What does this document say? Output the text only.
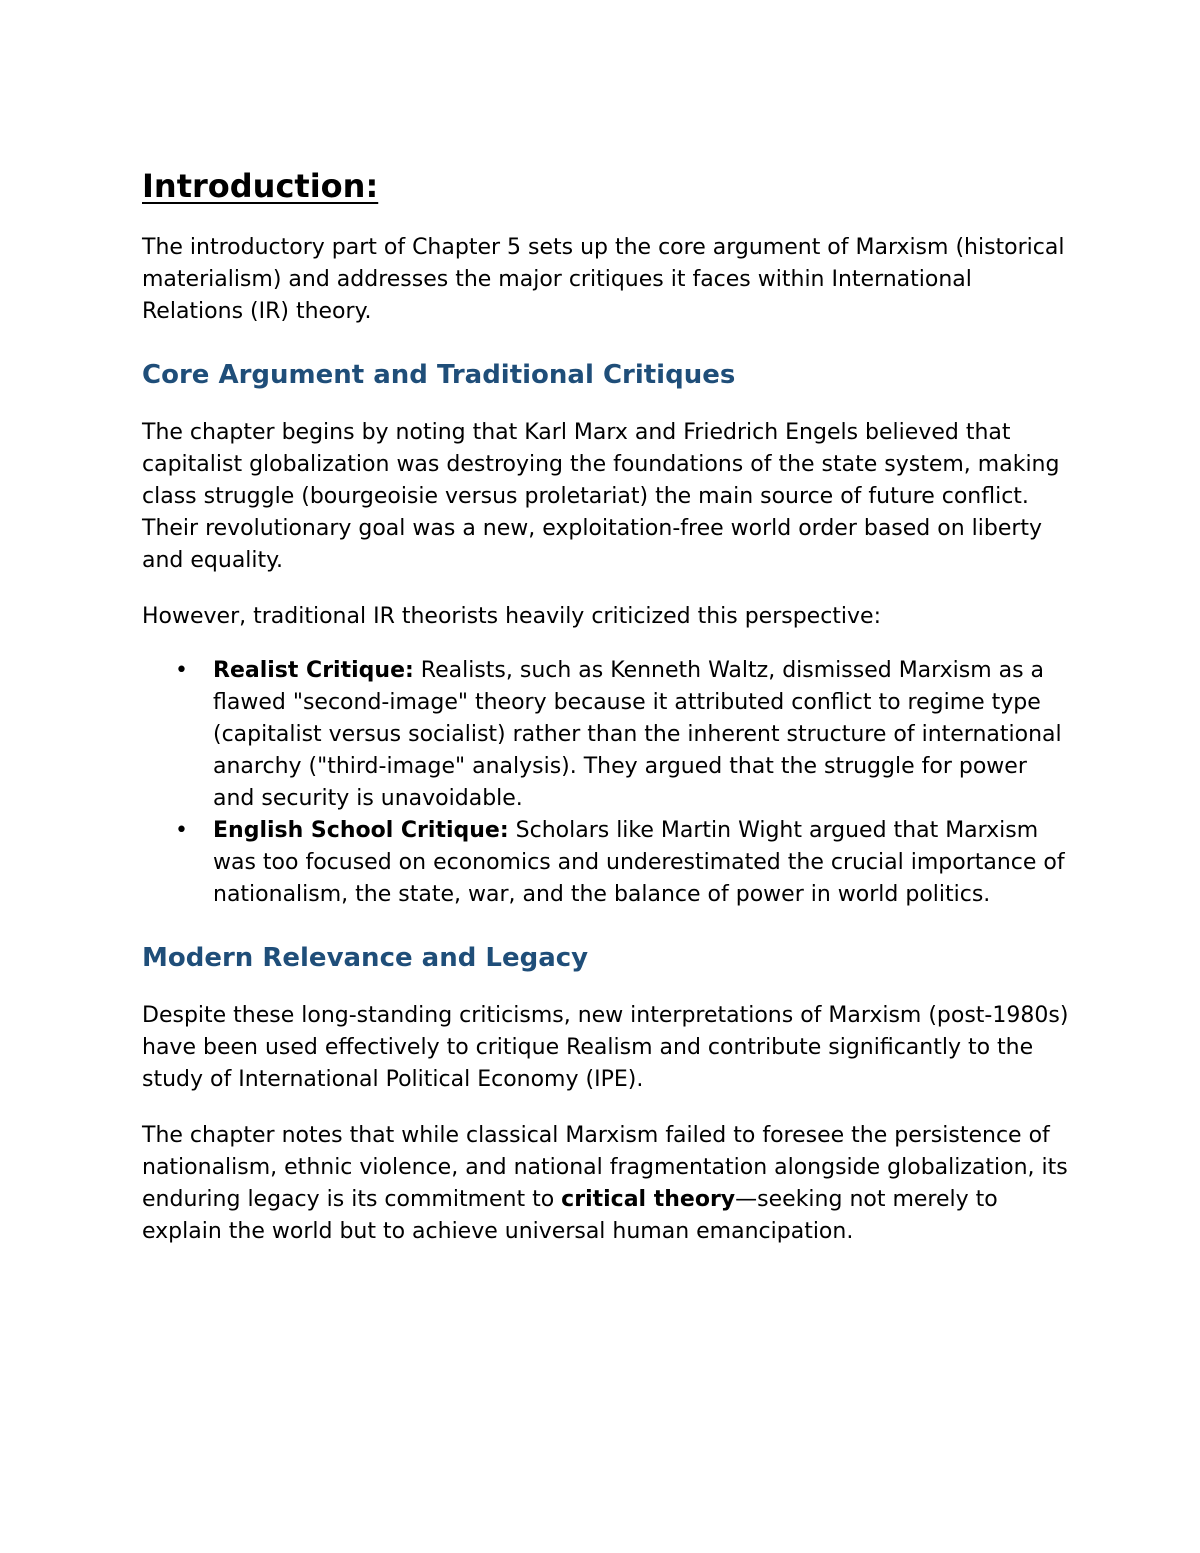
Introduction:

The introductory part of Chapter 5 sets up the core argument of Marxism (historical materialism) and addresses the major critiques it faces within International Relations (IR) theory.

Core Argument and Traditional Critiques

The chapter begins by noting that Karl Marx and Friedrich Engels believed that capitalist globalization was destroying the foundations of the state system, making class struggle (bourgeoisie versus proletariat) the main source of future conflict. Their revolutionary goal was a new, exploitation-free world order based on liberty and equality.

However, traditional IR theorists heavily criticized this perspective:

• Realist Critique: Realists, such as Kenneth Waltz, dismissed Marxism as a flawed "second-image" theory because it attributed conflict to regime type (capitalist versus socialist) rather than the inherent structure of international anarchy ("third-image" analysis). They argued that the struggle for power and security is unavoidable.
• English School Critique: Scholars like Martin Wight argued that Marxism was too focused on economics and underestimated the crucial importance of nationalism, the state, war, and the balance of power in world politics.
Modern Relevance and Legacy

Despite these long-standing criticisms, new interpretations of Marxism (post-1980s) have been used effectively to critique Realism and contribute significantly to the study of International Political Economy (IPE).

The chapter notes that while classical Marxism failed to foresee the persistence of nationalism, ethnic violence, and national fragmentation alongside globalization, its enduring legacy is its commitment to critical theory—seeking not merely to explain the world but to achieve universal human emancipation.
